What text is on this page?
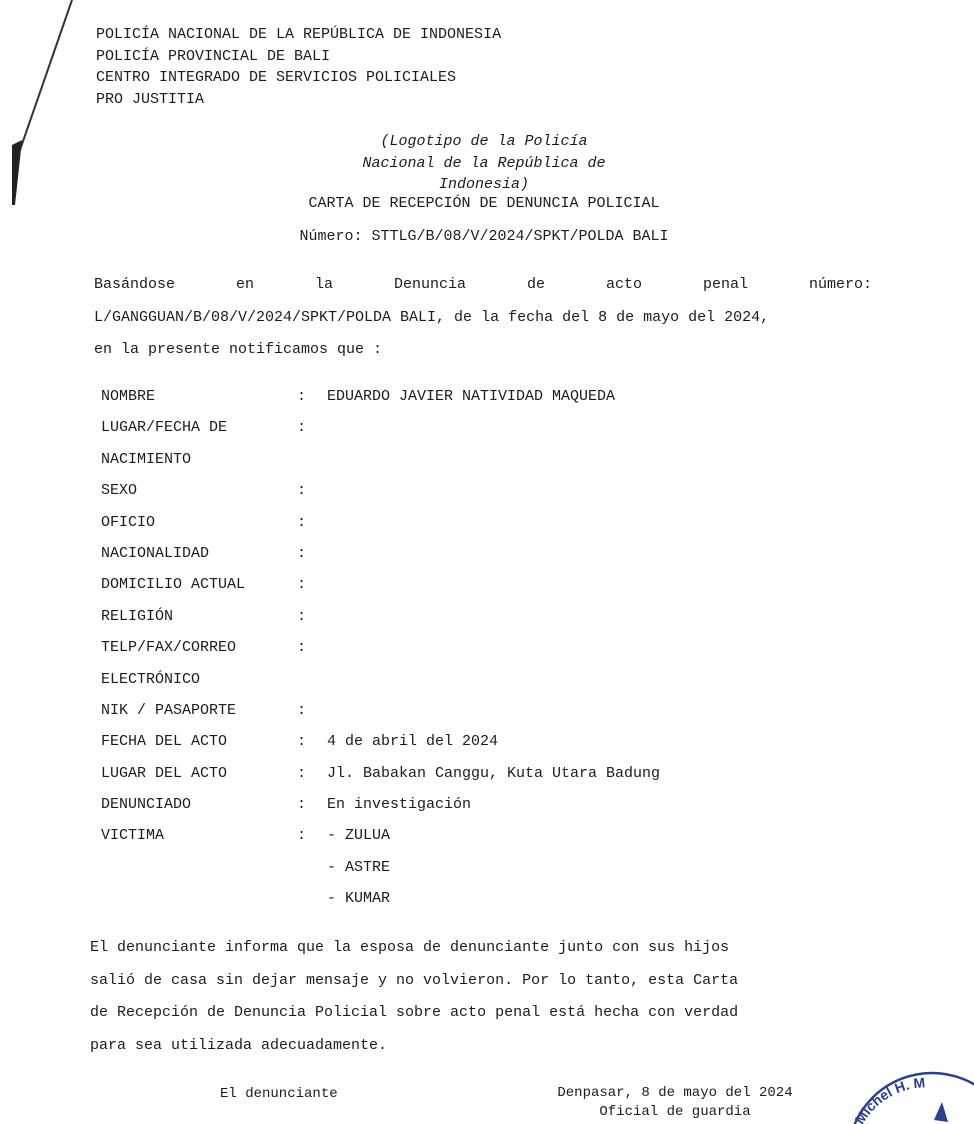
POLICÍA NACIONAL DE LA REPÚBLICA DE INDONESIA
POLICÍA PROVINCIAL DE BALI
CENTRO INTEGRADO DE SERVICIOS POLICIALES
PRO JUSTITIA
(Logotipo de la Policía
Nacional de la República de
Indonesia)
CARTA DE RECEPCIÓN DE DENUNCIA POLICIAL
Número: STTLG/B/08/V/2024/SPKT/POLDA BALI
Basándose en la Denuncia de acto penal número:
L/GANGGUAN/B/08/V/2024/SPKT/POLDA BALI, de la fecha del 8 de mayo del 2024,
en la presente notificamos que :
NOMBRE	: EDUARDO JAVIER NATIVIDAD MAQUEDA
LUGAR/FECHA DE	:
NACIMIENTO
SEXO	:
OFICIO	:
NACIONALIDAD	:
DOMICILIO ACTUAL	:
RELIGIÓN	:
TELP/FAX/CORREO	:
ELECTRÓNICO
NIK / PASAPORTE	:
FECHA DEL ACTO	: 4 de abril del 2024
LUGAR DEL ACTO	: Jl. Babakan Canggu, Kuta Utara Badung
DENUNCIADO	: En investigación
VICTIMA	: - ZULUA
- ASTRE
- KUMAR
El denunciante informa que la esposa de denunciante junto con sus hijos
salió de casa sin dejar mensaje y no volvieron. Por lo tanto, esta Carta
de Recepción de Denuncia Policial sobre acto penal está hecha con verdad
para sea utilizada adecuadamente.
El denunciante	Denpasar, 8 de mayo del 2024
Oficial de guardia	Michel H. M
